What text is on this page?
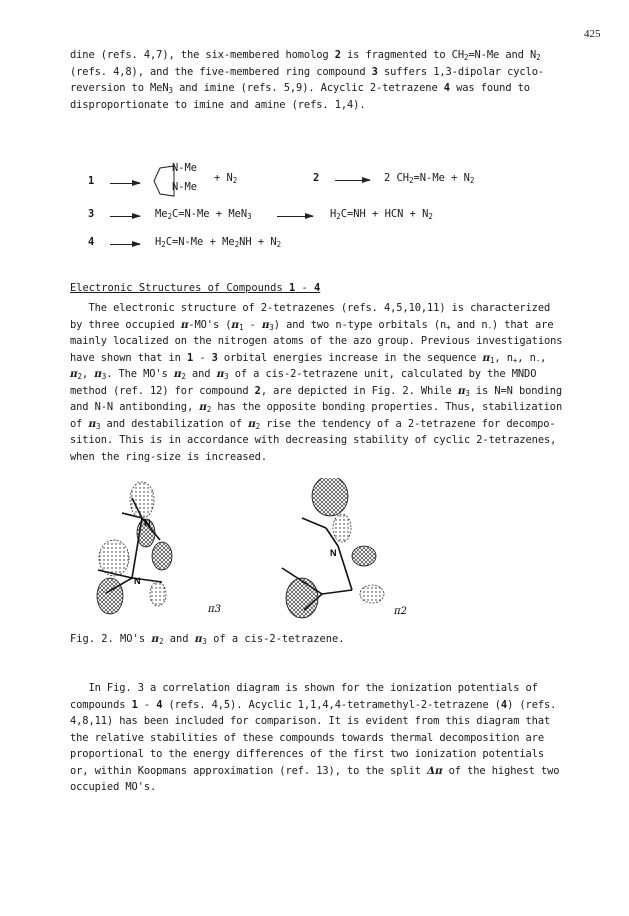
425
dine (refs. 4,7), the six-membered homolog 2 is fragmented to $CH_2=N-Me$ and $N_2$
(refs. 4,8), and the five-membered ring compound 3 suffers 1,3-dipolar cyclo-
reversion to MeN$_3$ and imine (refs. 5,9). Acyclic 2-tetrazene 4 was found to
disproportionate to imine and amine (refs. 1,4).
1 →
N-Me
N-Me
+ $N_2$	2 → 2 $CH_2=N-Me + N_2$
$3 \to Me_2C=N-Me + MeN_3 \to H_2C=NH$ + HCN + $N_2$
$4 \to H_2C=N-Me + Me_2NH + N_2$
Electronic Structures of Compounds 1 - 4
The electronic structure of 2-tetrazenes (refs. 4,5,10,11) is characterized
by three occupied π-MO's $(\pi_1 - \pi_3)$ and two n-type orbitals ($n_+$ and $n_-$) that are
mainly localized on the nitrogen atoms of the azo group. Previous investigations
have shown that in 1 - 3 orbital energies increase in the sequence $\pi_1$, $n_+$, $n_-$,
$\pi_2$, $\pi_3$. The MO's $\pi_2$ and $\pi_3$ of a cis-2-tetrazene unit, calculated by the MNDO
method (ref. 12) for compound 2, are depicted in Fig. 2. While $\pi_3$ is N=N bonding
and N-N antibonding, $\pi_2$ has the opposite bonding properties. Thus, stabilization
of $\pi_3$ and destabilization of $\pi_2$ rise the tendency of a 2-tetrazene for decompo-
sition. This is in accordance with decreasing stability of cyclic 2-tetrazenes,
when the ring-size is increased.
N
N
π3
N
π2
Fig. 2. MO's $\pi_2$ and $\pi_3$ of a cis-2-tetrazene.
In Fig. 3 a correlation diagram is shown for the ionization potentials of
compounds 1 - 4 (refs. 4,5). Acyclic 1,1,4,4-tetramethyl-2-tetrazene (4) (refs.
4,8,11) has been included for comparison. It is evident from this diagram that
the relative stabilities of these compounds towards thermal decomposition are
proportional to the energy differences of the first two ionization potentials
or, within Koopmans approximation (ref. 13), to the split Δπ of the highest two
occupied MO's.
